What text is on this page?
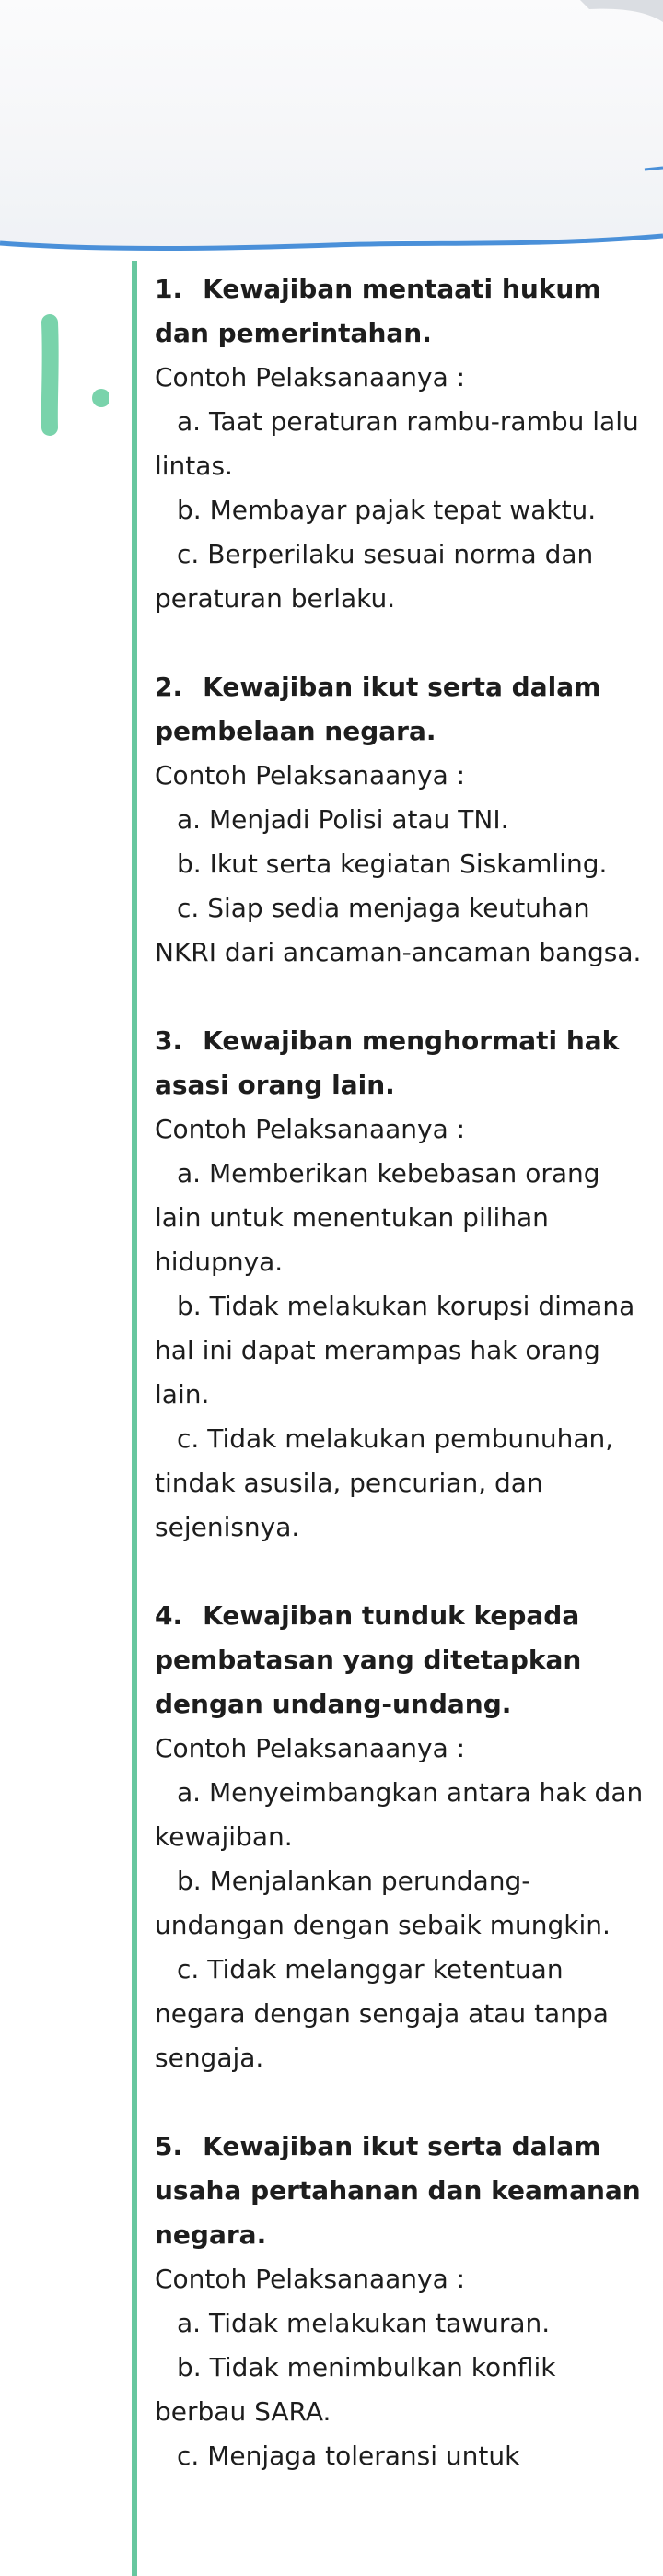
1. Kewajiban mentaati hukum dan pemerintahan.
Contoh Pelaksanaanya :
a. Taat peraturan rambu-rambu lalu lintas.
b. Membayar pajak tepat waktu.
c. Berperilaku sesuai norma dan peraturan berlaku.
2. Kewajiban ikut serta dalam pembelaan negara.
Contoh Pelaksanaanya :
a. Menjadi Polisi atau TNI.
b. Ikut serta kegiatan Siskamling.
c. Siap sedia menjaga keutuhan NKRI dari ancaman-ancaman bangsa.
3. Kewajiban menghormati hak asasi orang lain.
Contoh Pelaksanaanya :
a. Memberikan kebebasan orang lain untuk menentukan pilihan hidupnya.
b. Tidak melakukan korupsi dimana hal ini dapat merampas hak orang lain.
c. Tidak melakukan pembunuhan, tindak asusila, pencurian, dan sejenisnya.
4. Kewajiban tunduk kepada pembatasan yang ditetapkan dengan undang-undang.
Contoh Pelaksanaanya :
a. Menyeimbangkan antara hak dan kewajiban.
b. Menjalankan perundang-undangan dengan sebaik mungkin.
c. Tidak melanggar ketentuan negara dengan sengaja atau tanpa sengaja.
5. Kewajiban ikut serta dalam usaha pertahanan dan keamanan negara.
Contoh Pelaksanaanya :
a. Tidak melakukan tawuran.
b. Tidak menimbulkan konflik berbau SARA.
c. Menjaga toleransi untuk
